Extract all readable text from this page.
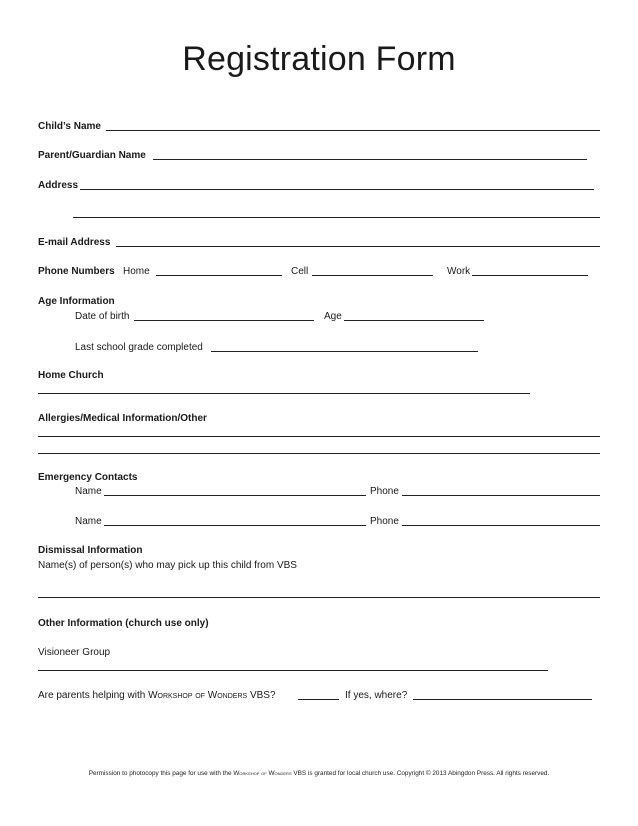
Registration Form
Child’s Name
Parent/Guardian Name
Address
E-mail Address
Phone Numbers Home	Cell	Work
Age Information
Date of birth	Age
Last school grade completed
Home Church
Allergies/Medical Information/Other
Emergency Contacts
Name	Phone
Name	Phone
Dismissal Information
Name(s) of person(s) who may pick up this child from VBS
Other Information (church use only)
Visioneer Group
Are parents helping with Workshop of Wonders VBS?	If yes, where?
Permission to photocopy this page for use with the Workshop of Wonders VBS is granted for local church use. Copyright © 2013 Abingdon Press. All rights reserved.
